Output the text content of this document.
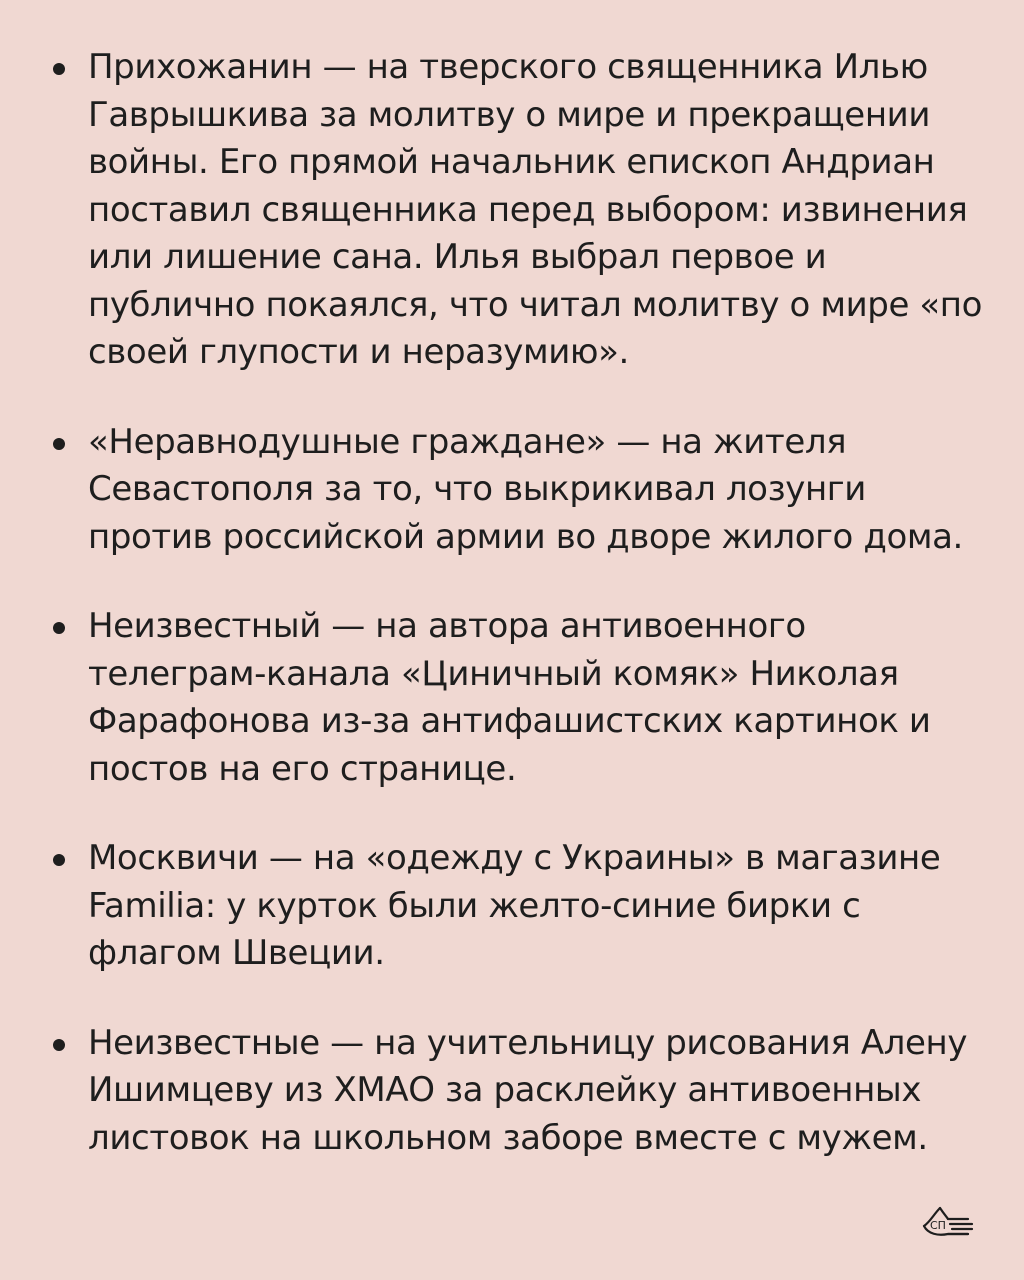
Прихожанин — на тверского священника Илью Гаврышкива за молитву о мире и прекращении войны. Его прямой начальник епископ Андриан поставил священника перед выбором: извинения или лишение сана. Илья выбрал первое и публично покаялся, что читал молитву о мире «по своей глупости и неразумию».
«Неравнодушные граждане» — на жителя Севастополя за то, что выкрикивал лозунги против российской армии во дворе жилого дома.
Неизвестный — на автора антивоенного телеграм-канала «Циничный комяк» Николая Фарафонова из-за антифашистских картинок и постов на его странице.
Москвичи — на «одежду с Украины» в магазине Familia: у курток были желто-синие бирки с флагом Швеции.
Неизвестные — на учительницу рисования Алену Ишимцеву из ХМАО за расклейку антивоенных листовок на школьном заборе вместе с мужем.
СП
